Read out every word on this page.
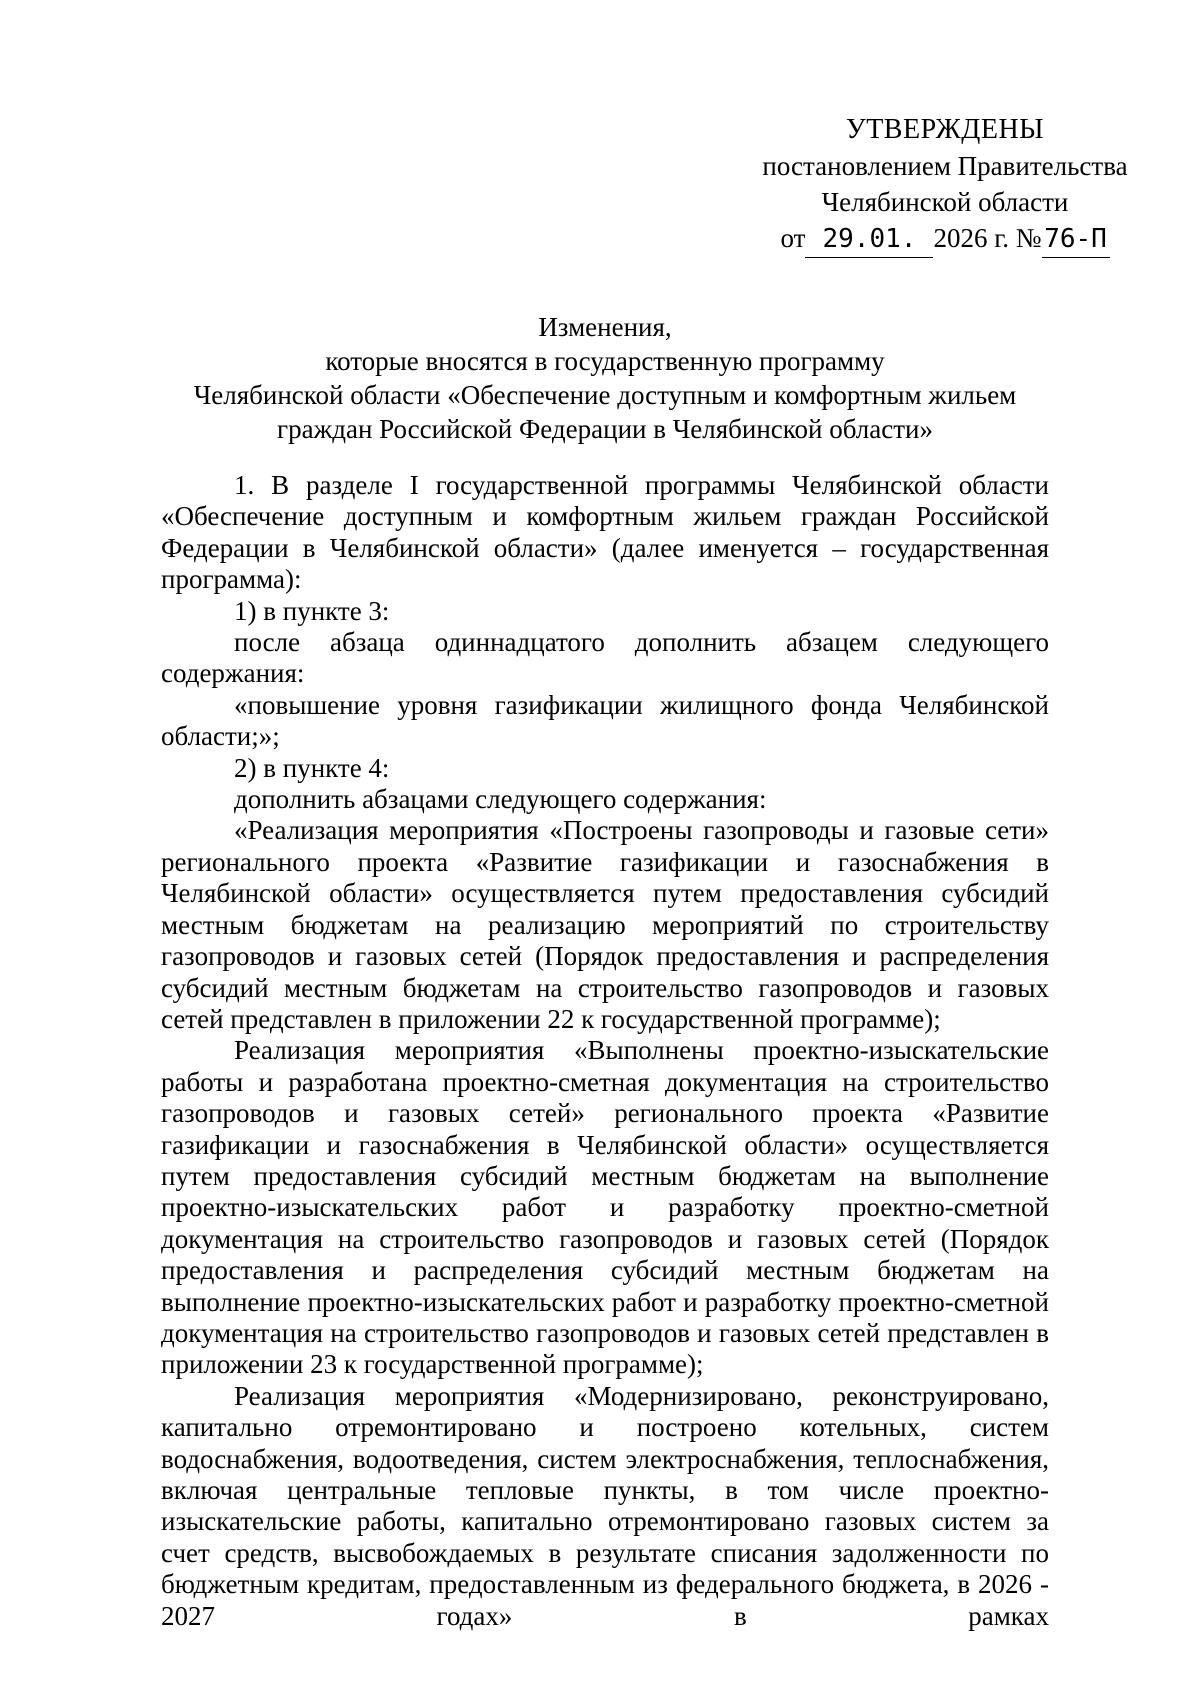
УТВЕРЖДЕНЫ
постановлением Правительства
Челябинской области
от 29.01. 2026 г. № 76-П
Изменения,
которые вносятся в государственную программу
Челябинской области «Обеспечение доступным и комфортным жильем
граждан Российской Федерации в Челябинской области»

1. В разделе I государственной программы Челябинской области «Обеспечение доступным и комфортным жильем граждан Российской Федерации в Челябинской области» (далее именуется – государственная программа):

1) в пункте 3:

после абзаца одиннадцатого дополнить абзацем следующего содержания:

«повышение уровня газификации жилищного фонда Челябинской области;»;

2) в пункте 4:

дополнить абзацами следующего содержания:

«Реализация мероприятия «Построены газопроводы и газовые сети» регионального проекта «Развитие газификации и газоснабжения в Челябинской области» осуществляется путем предоставления субсидий местным бюджетам на реализацию мероприятий по строительству газопроводов и газовых сетей (Порядок предоставления и распределения субсидий местным бюджетам на строительство газопроводов и газовых сетей представлен в приложении 22 к государственной программе);

Реализация мероприятия «Выполнены проектно-изыскательские работы и разработана проектно-сметная документация на строительство газопроводов и газовых сетей» регионального проекта «Развитие газификации и газоснабжения в Челябинской области» осуществляется путем предоставления субсидий местным бюджетам на выполнение проектно-изыскательских работ и разработку проектно-сметной документация на строительство газопроводов и газовых сетей (Порядок предоставления и распределения субсидий местным бюджетам на выполнение проектно-изыскательских работ и разработку проектно-сметной документация на строительство газопроводов и газовых сетей представлен в приложении 23 к государственной программе);

Реализация мероприятия «Модернизировано, реконструировано, капитально отремонтировано и построено котельных, систем водоснабжения, водоотведения, систем электроснабжения, теплоснабжения, включая центральные тепловые пункты, в том числе проектно-изыскательские работы, капитально отремонтировано газовых систем за счет средств, высвобождаемых в результате списания задолженности по бюджетным кредитам, предоставленным из федерального бюджета, в 2026 - 2027 годах» в рамках
